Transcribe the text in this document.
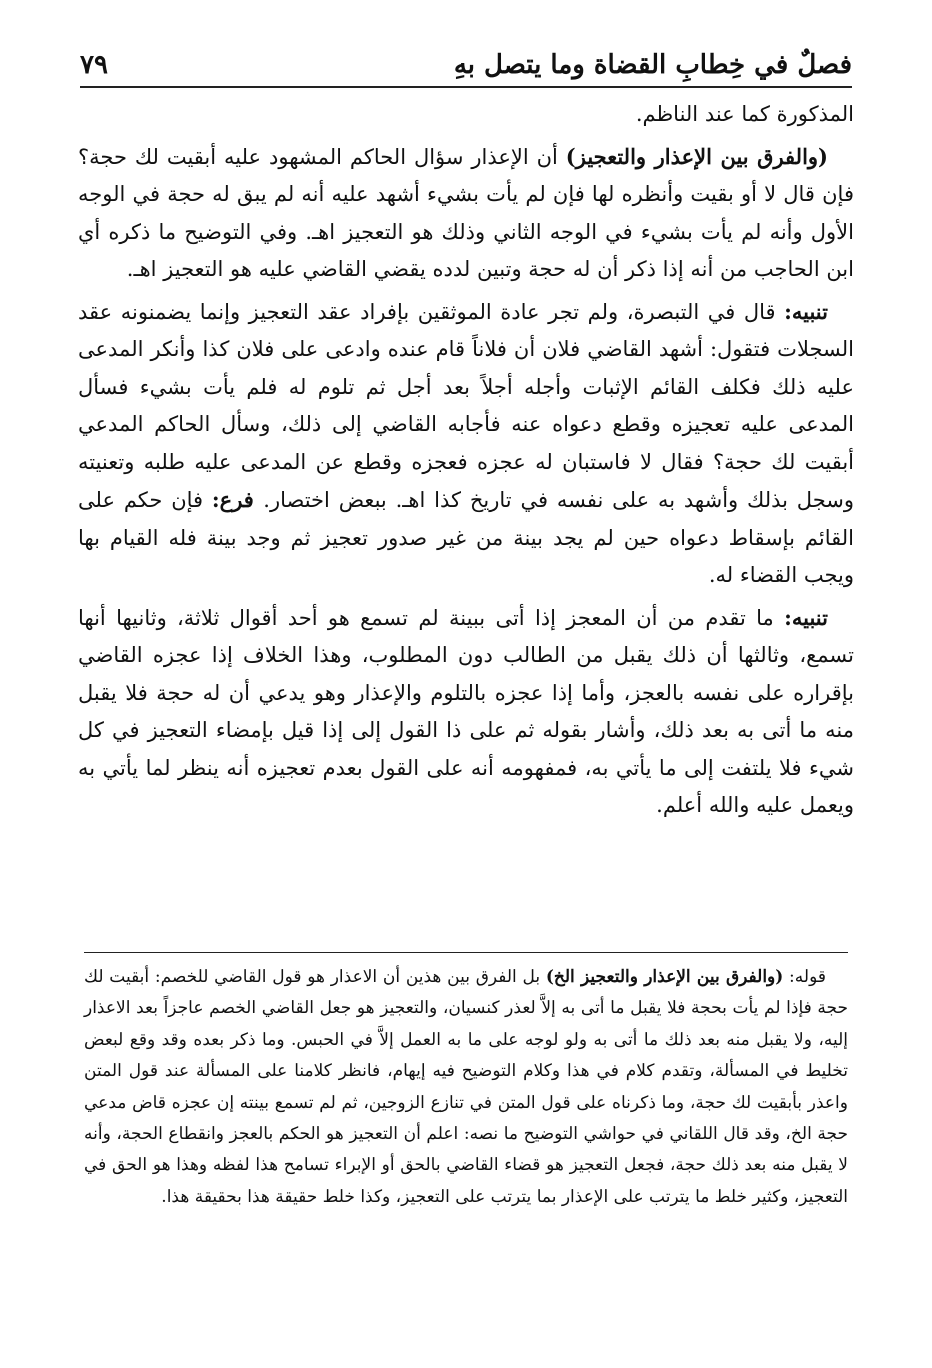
فصلٌ في خِطابِ القضاة وما يتصل بهِ
٧٩

المذكورة كما عند الناظم.

(والفرق بين الإعذار والتعجيز) أن الإعذار سؤال الحاكم المشهود عليه أبقيت لك حجة؟ فإن قال لا أو بقيت وأنظره لها فإن لم يأت بشيء أشهد عليه أنه لم يبق له حجة في الوجه الأول وأنه لم يأت بشيء في الوجه الثاني وذلك هو التعجيز اهـ. وفي التوضيح ما ذكره أي ابن الحاجب من أنه إذا ذكر أن له حجة وتبين لدده يقضي القاضي عليه هو التعجيز اهـ.

تنبيه: قال في التبصرة، ولم تجر عادة الموثقين بإفراد عقد التعجيز وإنما يضمنونه عقد السجلات فتقول: أشهد القاضي فلان أن فلاناً قام عنده وادعى على فلان كذا وأنكر المدعى عليه ذلك فكلف القائم الإثبات وأجله أجلاً بعد أجل ثم تلوم له فلم يأت بشيء فسأل المدعى عليه تعجيزه وقطع دعواه عنه فأجابه القاضي إلى ذلك، وسأل الحاكم المدعي أبقيت لك حجة؟ فقال لا فاستبان له عجزه فعجزه وقطع عن المدعى عليه طلبه وتعنيته وسجل بذلك وأشهد به على نفسه في تاريخ كذا اهـ. ببعض اختصار. فرع: فإن حكم على القائم بإسقاط دعواه حين لم يجد بينة من غير صدور تعجيز ثم وجد بينة فله القيام بها ويجب القضاء له.

تنبيه: ما تقدم من أن المعجز إذا أتى ببينة لم تسمع هو أحد أقوال ثلاثة، وثانيها أنها تسمع، وثالثها أن ذلك يقبل من الطالب دون المطلوب، وهذا الخلاف إذا عجزه القاضي بإقراره على نفسه بالعجز، وأما إذا عجزه بالتلوم والإعذار وهو يدعي أن له حجة فلا يقبل منه ما أتى به بعد ذلك، وأشار بقوله ثم على ذا القول إلى إذا قيل بإمضاء التعجيز في كل شيء فلا يلتفت إلى ما يأتي به، فمفهومه أنه على القول بعدم تعجيزه أنه ينظر لما يأتي به ويعمل عليه والله أعلم.

قوله: (والفرق بين الإعذار والتعجيز الخ) بل الفرق بين هذين أن الاعذار هو قول القاضي للخصم: أبقيت لك حجة فإذا لم يأت بحجة فلا يقبل ما أتى به إلاَّ لعذر كنسيان، والتعجيز هو جعل القاضي الخصم عاجزاً بعد الاعذار إليه، ولا يقبل منه بعد ذلك ما أتى به ولو لوجه على ما به العمل إلاَّ في الحبس. وما ذكر بعده وقد وقع لبعض تخليط في المسألة، وتقدم كلام في هذا وكلام التوضيح فيه إيهام، فانظر كلامنا على المسألة عند قول المتن واعذر بأبقيت لك حجة، وما ذكرناه على قول المتن في تنازع الزوجين، ثم لم تسمع بينته إن عجزه قاض مدعي حجة الخ، وقد قال اللقاني في حواشي التوضيح ما نصه: اعلم أن التعجيز هو الحكم بالعجز وانقطاع الحجة، وأنه لا يقبل منه بعد ذلك حجة، فجعل التعجيز هو قضاء القاضي بالحق أو الإبراء تسامح هذا لفظه وهذا هو الحق في التعجيز، وكثير خلط ما يترتب على الإعذار بما يترتب على التعجيز، وكذا خلط حقيقة هذا بحقيقة هذا.
